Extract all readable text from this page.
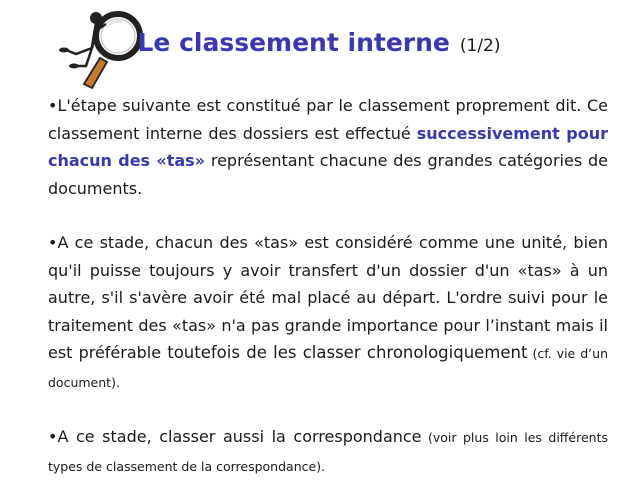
Le classement interne (1/2)

•L'étape suivante est constitué par le classement proprement dit. Ce classement interne des dossiers est effectué successivement pour chacun des «tas» représentant chacune des grandes catégories de documents.

•A ce stade, chacun des «tas» est considéré comme une unité, bien qu'il puisse toujours y avoir transfert d'un dossier d'un «tas» à un autre, s'il s'avère avoir été mal placé au départ. L'ordre suivi pour le traitement des «tas» n'a pas grande importance pour l’instant mais il est préférable toutefois de les classer chronologiquement (cf. vie d’un document).

•A ce stade, classer aussi la correspondance (voir plus loin les différents types de classement de la correspondance).
